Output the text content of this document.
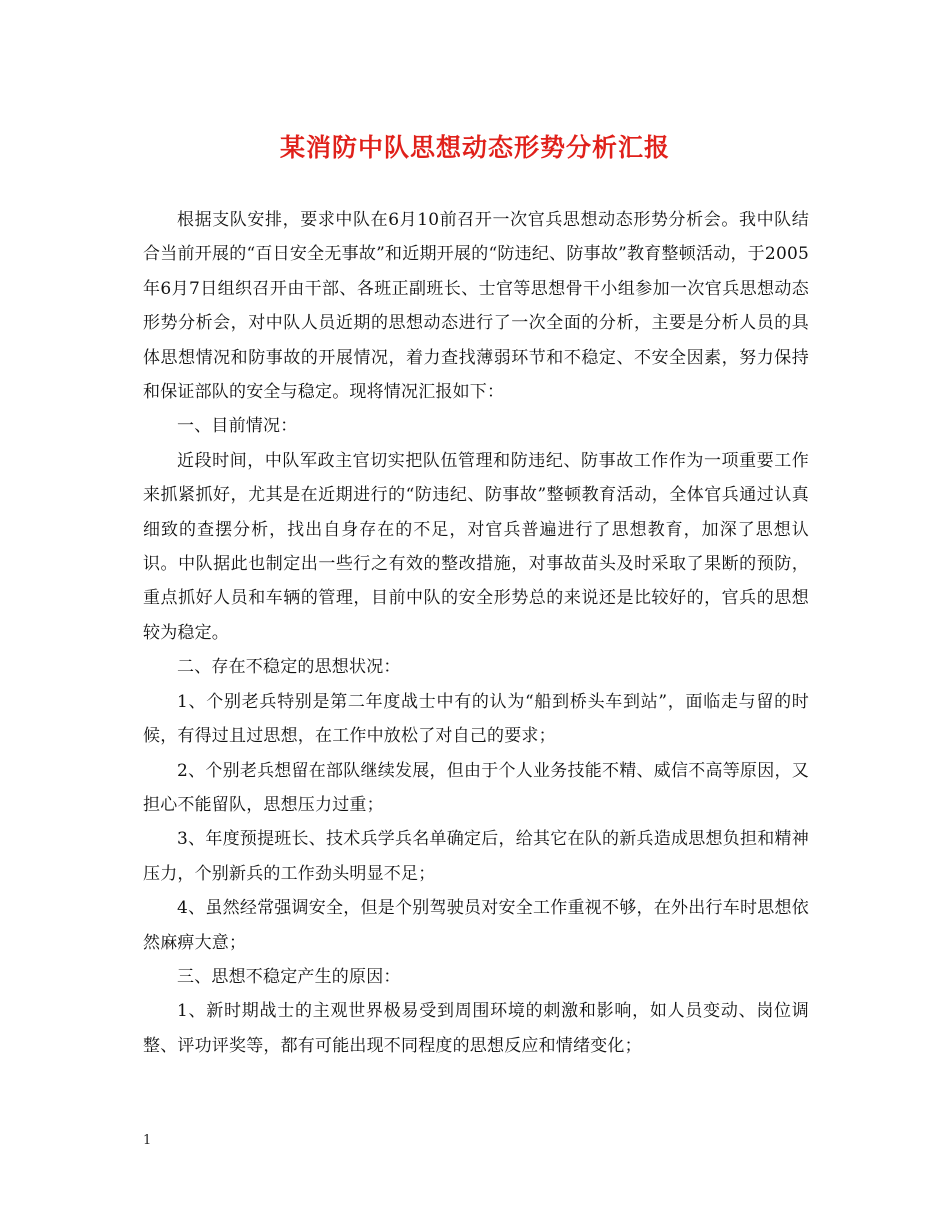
某消防中队思想动态形势分析汇报

根据支队安排，要求中队在6月10前召开一次官兵思想动态形势分析会。我中队结合当前开展的“百日安全无事故”和近期开展的“防违纪、防事故”教育整顿活动，于2005年6月7日组织召开由干部、各班正副班长、士官等思想骨干小组参加一次官兵思想动态形势分析会，对中队人员近期的思想动态进行了一次全面的分析，主要是分析人员的具体思想情况和防事故的开展情况，着力查找薄弱环节和不稳定、不安全因素，努力保持和保证部队的安全与稳定。现将情况汇报如下：

一、目前情况：

近段时间，中队军政主官切实把队伍管理和防违纪、防事故工作作为一项重要工作来抓紧抓好，尤其是在近期进行的“防违纪、防事故”整顿教育活动，全体官兵通过认真细致的查摆分析，找出自身存在的不足，对官兵普遍进行了思想教育，加深了思想认识。中队据此也制定出一些行之有效的整改措施，对事故苗头及时采取了果断的预防，重点抓好人员和车辆的管理，目前中队的安全形势总的来说还是比较好的，官兵的思想较为稳定。

二、存在不稳定的思想状况：

1、个别老兵特别是第二年度战士中有的认为“船到桥头车到站”，面临走与留的时候，有得过且过思想，在工作中放松了对自己的要求；

2、个别老兵想留在部队继续发展，但由于个人业务技能不精、威信不高等原因，又担心不能留队，思想压力过重；

3、年度预提班长、技术兵学兵名单确定后，给其它在队的新兵造成思想负担和精神压力，个别新兵的工作劲头明显不足；

4、虽然经常强调安全，但是个别驾驶员对安全工作重视不够，在外出行车时思想依然麻痹大意；

三、思想不稳定产生的原因：

1、新时期战士的主观世界极易受到周围环境的刺激和影响，如人员变动、岗位调整、评功评奖等，都有可能出现不同程度的思想反应和情绪变化；

1
